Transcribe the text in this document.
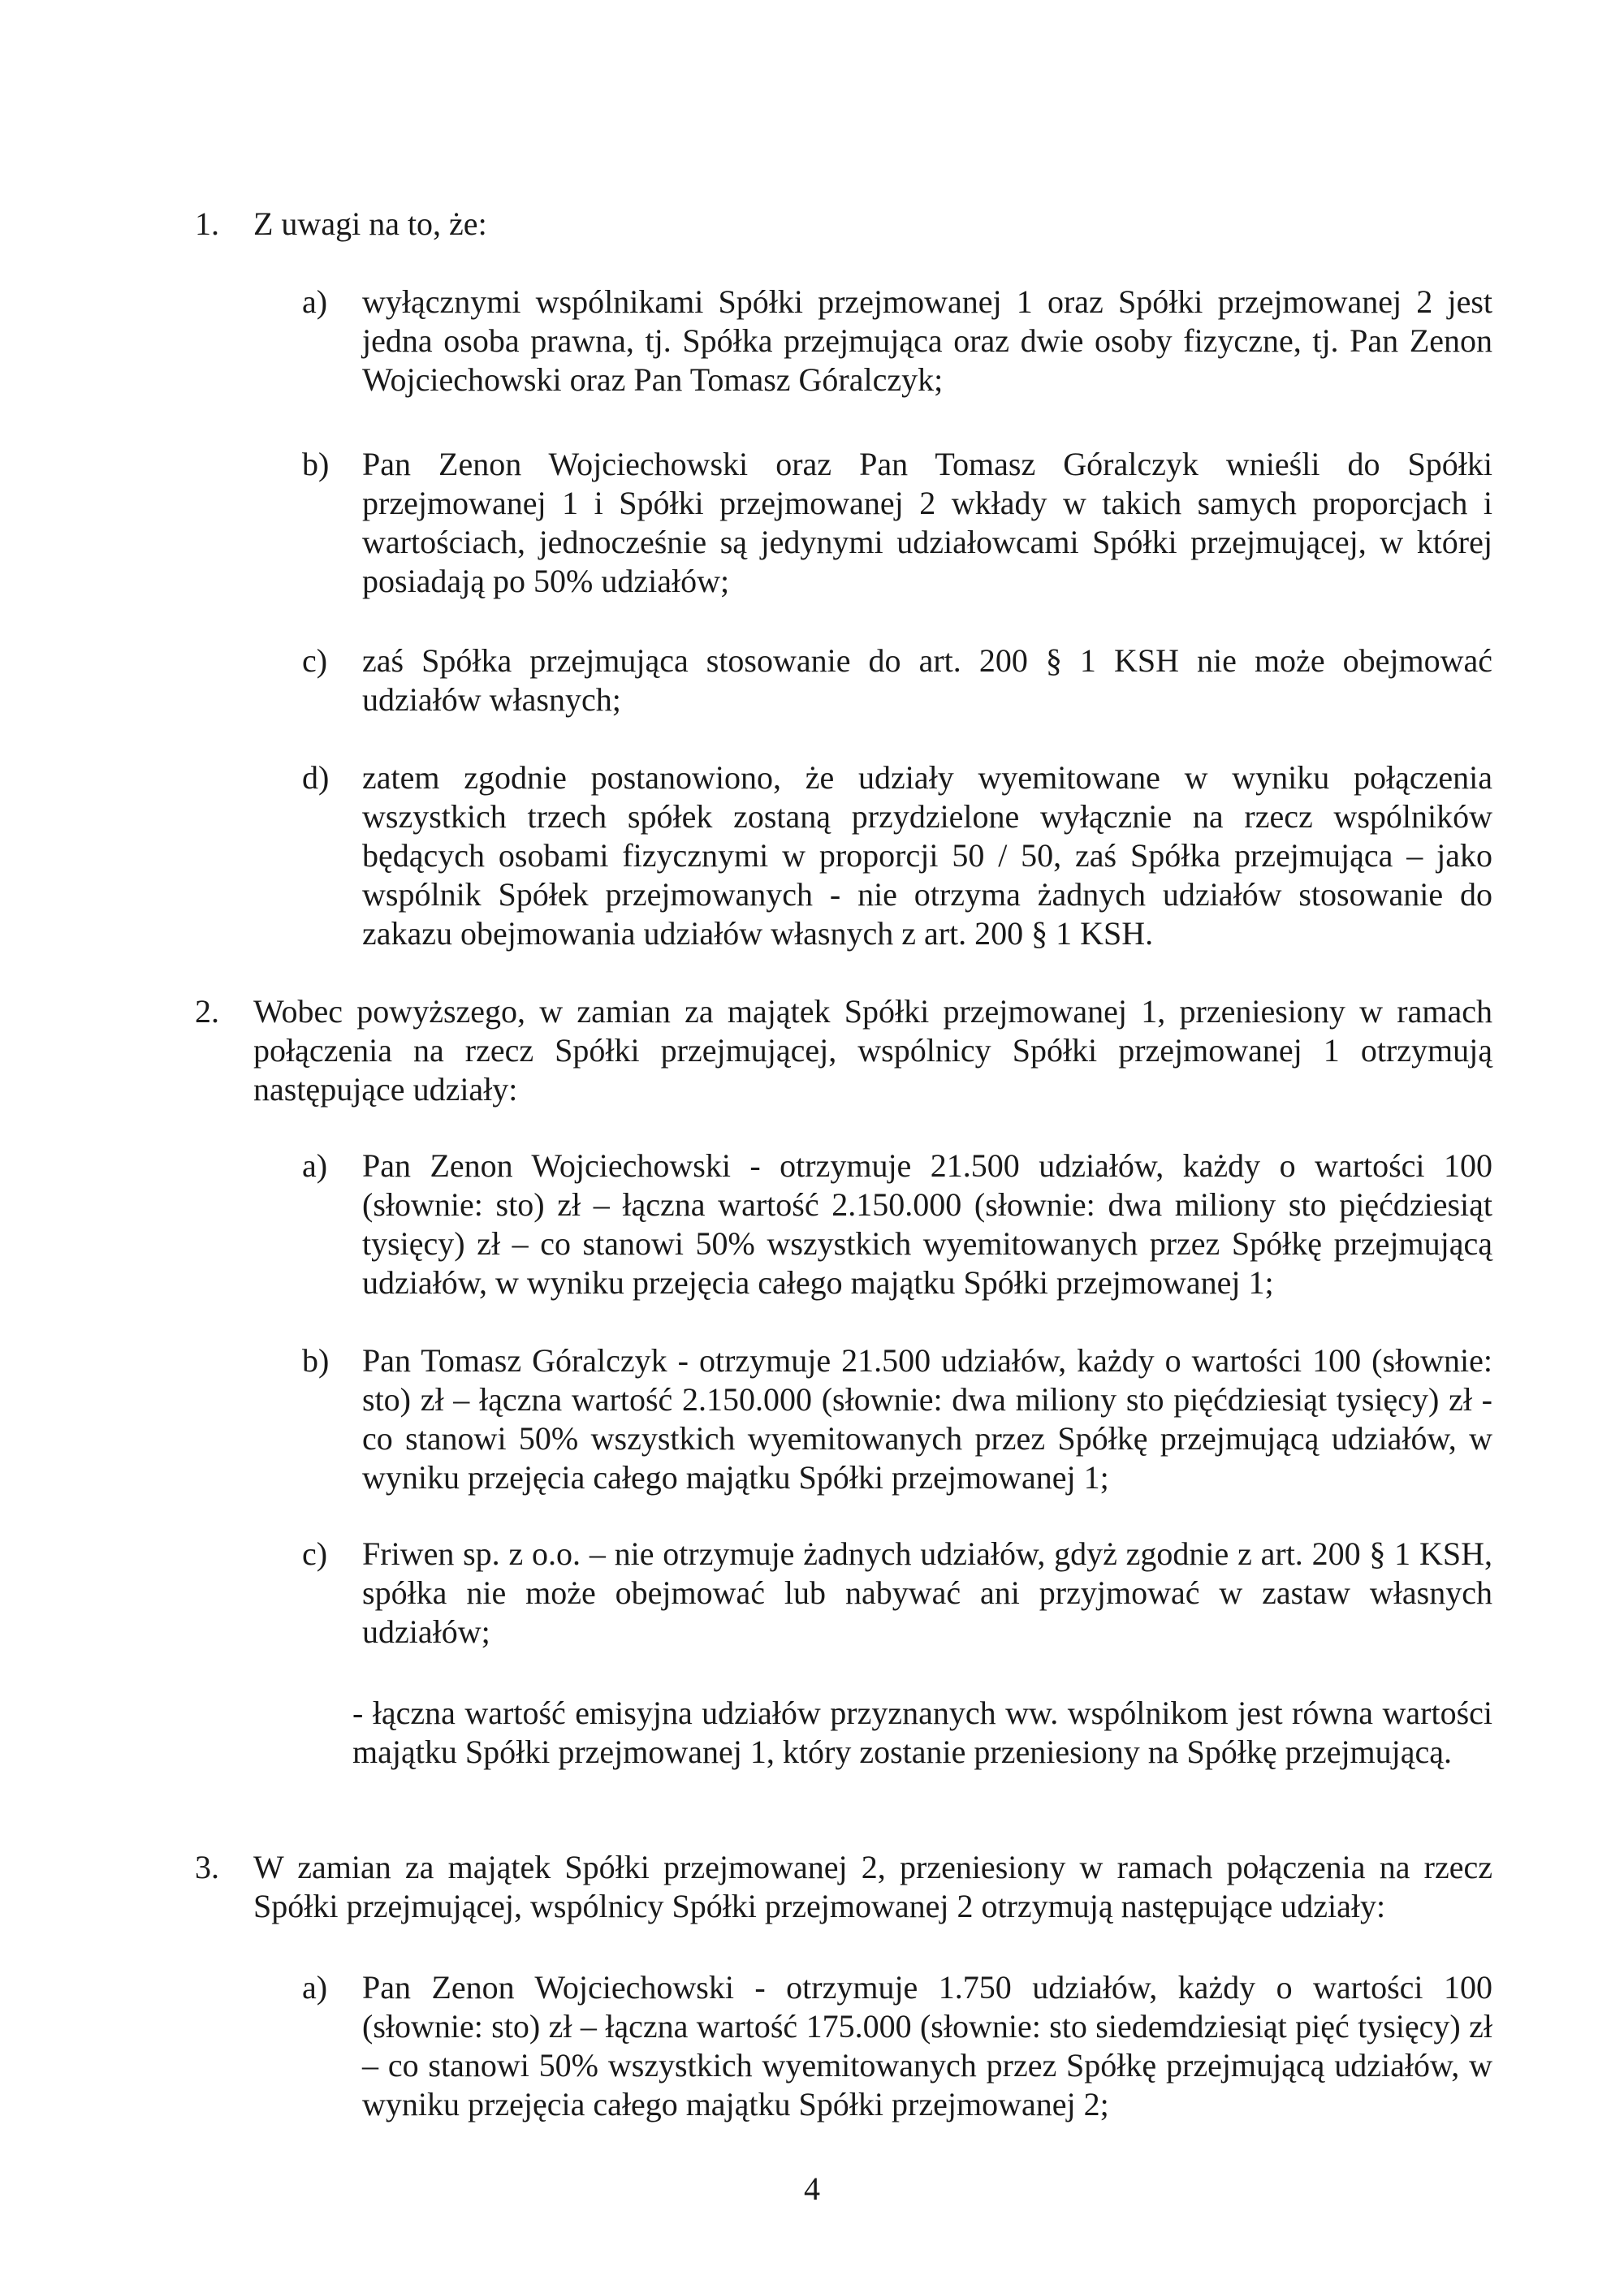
1. Z uwagi na to, że:
a) wyłącznymi wspólnikami Spółki przejmowanej 1 oraz Spółki przejmowanej 2 jest jedna osoba prawna, tj. Spółka przejmująca oraz dwie osoby fizyczne, tj. Pan Zenon Wojciechowski oraz Pan Tomasz Góralczyk;
b) Pan Zenon Wojciechowski oraz Pan Tomasz Góralczyk wnieśli do Spółki przejmowanej 1 i Spółki przejmowanej 2 wkłady w takich samych proporcjach i wartościach, jednocześnie są jedynymi udziałowcami Spółki przejmującej, w której posiadają po 50% udziałów;
c) zaś Spółka przejmująca stosowanie do art. 200 § 1 KSH nie może obejmować udziałów własnych;
d) zatem zgodnie postanowiono, że udziały wyemitowane w wyniku połączenia wszystkich trzech spółek zostaną przydzielone wyłącznie na rzecz wspólników będących osobami fizycznymi w proporcji 50 / 50, zaś Spółka przejmująca – jako wspólnik Spółek przejmowanych - nie otrzyma żadnych udziałów stosowanie do zakazu obejmowania udziałów własnych z art. 200 § 1 KSH.
2. Wobec powyższego, w zamian za majątek Spółki przejmowanej 1, przeniesiony w ramach połączenia na rzecz Spółki przejmującej, wspólnicy Spółki przejmowanej 1 otrzymują następujące udziały:
a) Pan Zenon Wojciechowski - otrzymuje 21.500 udziałów, każdy o wartości 100 (słownie: sto) zł – łączna wartość 2.150.000 (słownie: dwa miliony sto pięćdziesiąt tysięcy) zł – co stanowi 50% wszystkich wyemitowanych przez Spółkę przejmującą udziałów, w wyniku przejęcia całego majątku Spółki przejmowanej 1;
b) Pan Tomasz Góralczyk - otrzymuje 21.500 udziałów, każdy o wartości 100 (słownie: sto) zł – łączna wartość 2.150.000 (słownie: dwa miliony sto pięćdziesiąt tysięcy) zł - co stanowi 50% wszystkich wyemitowanych przez Spółkę przejmującą udziałów, w wyniku przejęcia całego majątku Spółki przejmowanej 1;
c) Friwen sp. z o.o. – nie otrzymuje żadnych udziałów, gdyż zgodnie z art. 200 § 1 KSH, spółka nie może obejmować lub nabywać ani przyjmować w zastaw własnych udziałów;
- łączna wartość emisyjna udziałów przyznanych ww. wspólnikom jest równa wartości majątku Spółki przejmowanej 1, który zostanie przeniesiony na Spółkę przejmującą.
3. W zamian za majątek Spółki przejmowanej 2, przeniesiony w ramach połączenia na rzecz Spółki przejmującej, wspólnicy Spółki przejmowanej 2 otrzymują następujące udziały:
a) Pan Zenon Wojciechowski - otrzymuje 1.750 udziałów, każdy o wartości 100 (słownie: sto) zł – łączna wartość 175.000 (słownie: sto siedemdziesiąt pięć tysięcy) zł – co stanowi 50% wszystkich wyemitowanych przez Spółkę przejmującą udziałów, w wyniku przejęcia całego majątku Spółki przejmowanej 2;
4
